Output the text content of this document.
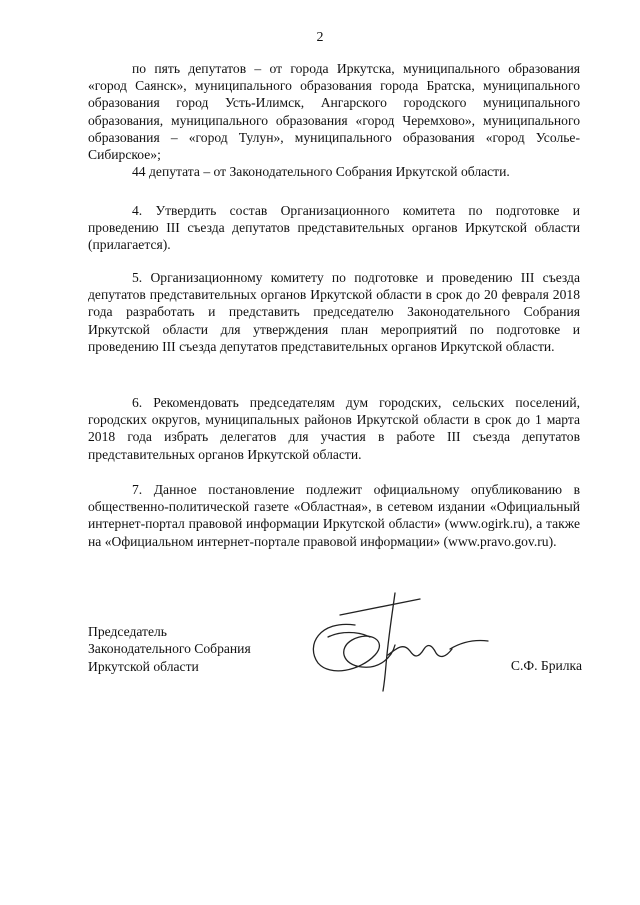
2
по пять депутатов – от города Иркутска, муниципального образования «город Саянск», муниципального образования города Братска, муниципального образования город Усть-Илимск, Ангарского городского муниципального образования, муниципального образования «город Черемхово», муниципального образования – «город Тулун», муниципального образования «город Усолье-Сибирское»;
44 депутата – от Законодательного Собрания Иркутской области.
4. Утвердить состав Организационного комитета по подготовке и проведению III съезда депутатов представительных органов Иркутской области (прилагается).
5. Организационному комитету по подготовке и проведению III съезда депутатов представительных органов Иркутской области в срок до 20 февраля 2018 года разработать и представить председателю Законодательного Собрания Иркутской области для утверждения план мероприятий по подготовке и проведению III съезда депутатов представительных органов Иркутской области.
6. Рекомендовать председателям дум городских, сельских поселений, городских округов, муниципальных районов Иркутской области в срок до 1 марта 2018 года избрать делегатов для участия в работе III съезда депутатов представительных органов Иркутской области.
7. Данное постановление подлежит официальному опубликованию в общественно-политической газете «Областная», в сетевом издании «Официальный интернет-портал правовой информации Иркутской области» (www.ogirk.ru), а также на «Официальном интернет-портале правовой информации» (www.pravo.gov.ru).
Председатель
Законодательного Собрания
Иркутской области	С.Ф. Брилка
